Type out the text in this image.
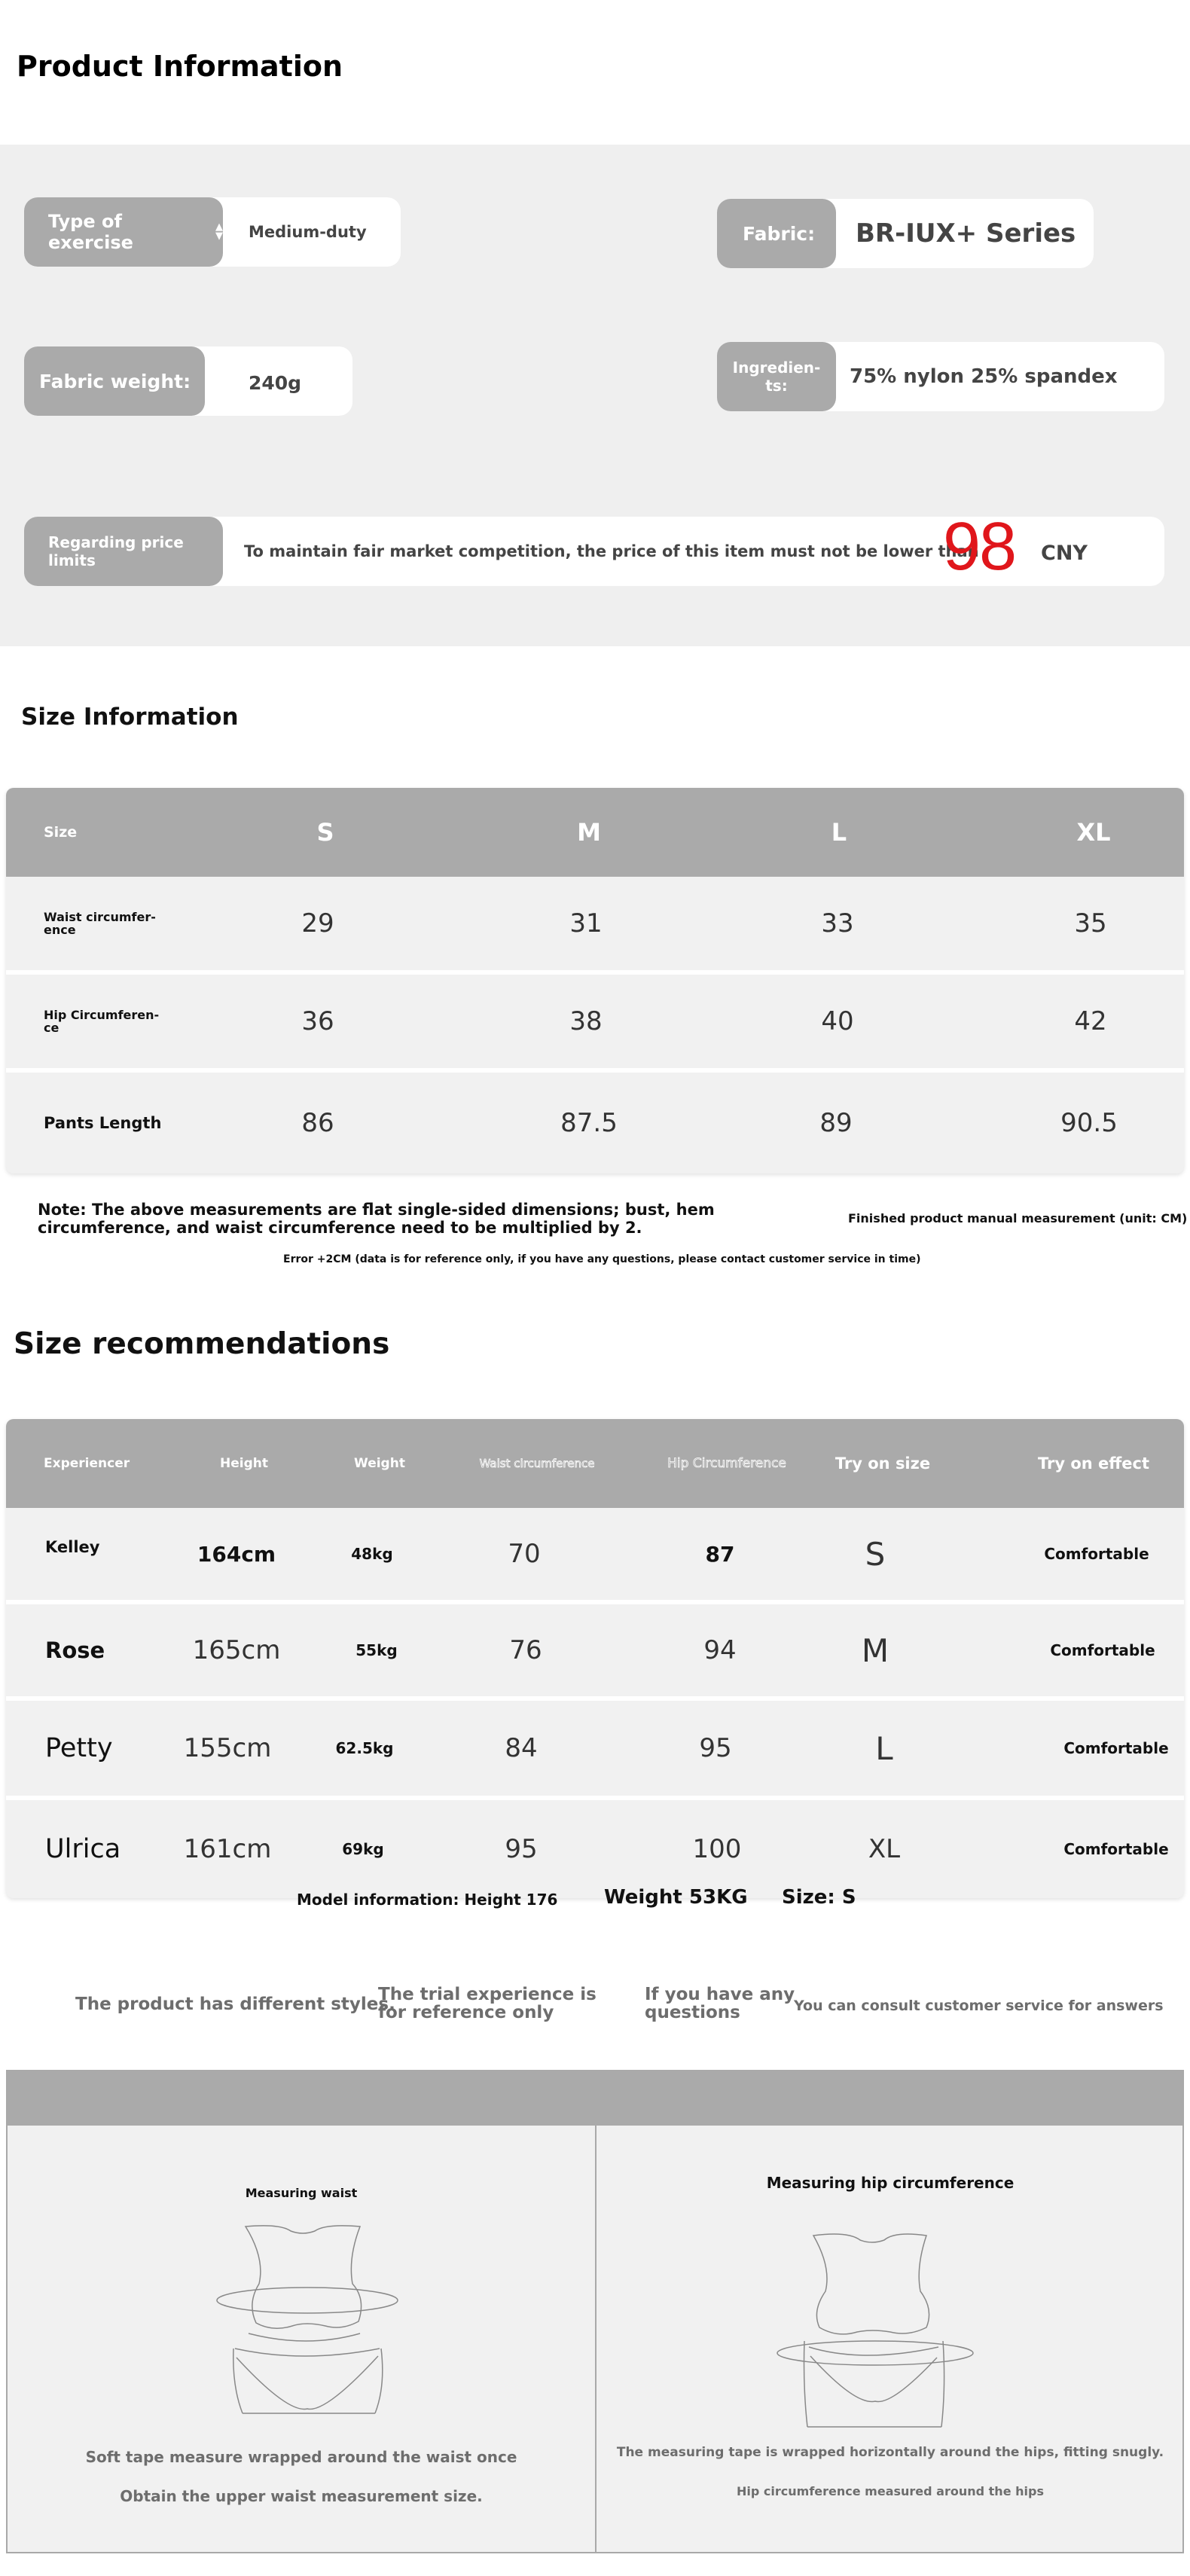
Product Information
Type of exercise
▲
▼ Medium-duty	Fabric: BR-IUX+ Series
Fabric weight:	240g
Ingredien-
ts:	75% nylon 25% spandex
Regarding price limits	To maintain fair market competition, the price of this item must not be lower than
98 CNY
Size Information
Size	S	M	L	XL
Waist circumfer-
ence	29	31	33	35
Hip Circumferen-
ce	36	38	40	42
Pants Length	86	87.5	89	90.5
Note: The above measurements are flat single-sided dimensions; bust, hem circumference, and waist circumference need to be multiplied by 2.
Finished product manual measurement (unit: CM)
Error +2CM (data is for reference only, if you have any questions, please contact customer service in time)
Size recommendations
Experiencer	Height	Weight	Waist circumference	Hip Circumference	Try on size	Try on effect
Kelley	164cm	48kg	70	87	S	Comfortable
Rose	165cm	55kg	76	94	M	Comfortable
Petty	155cm	62.5kg	84	95	L	Comfortable
Ulrica	161cm	69kg	95	100	XL	Comfortable
Model information: Height 176 Weight 53KG Size: S
The product has different styles.
The trial experience is for reference only
If you have any questions	You can consult customer service for answers
Measuring waist
Soft tape measure wrapped around the waist once
Obtain the upper waist measurement size.
Measuring hip circumference
The measuring tape is wrapped horizontally around the hips, fitting snugly.
Hip circumference measured around the hips
